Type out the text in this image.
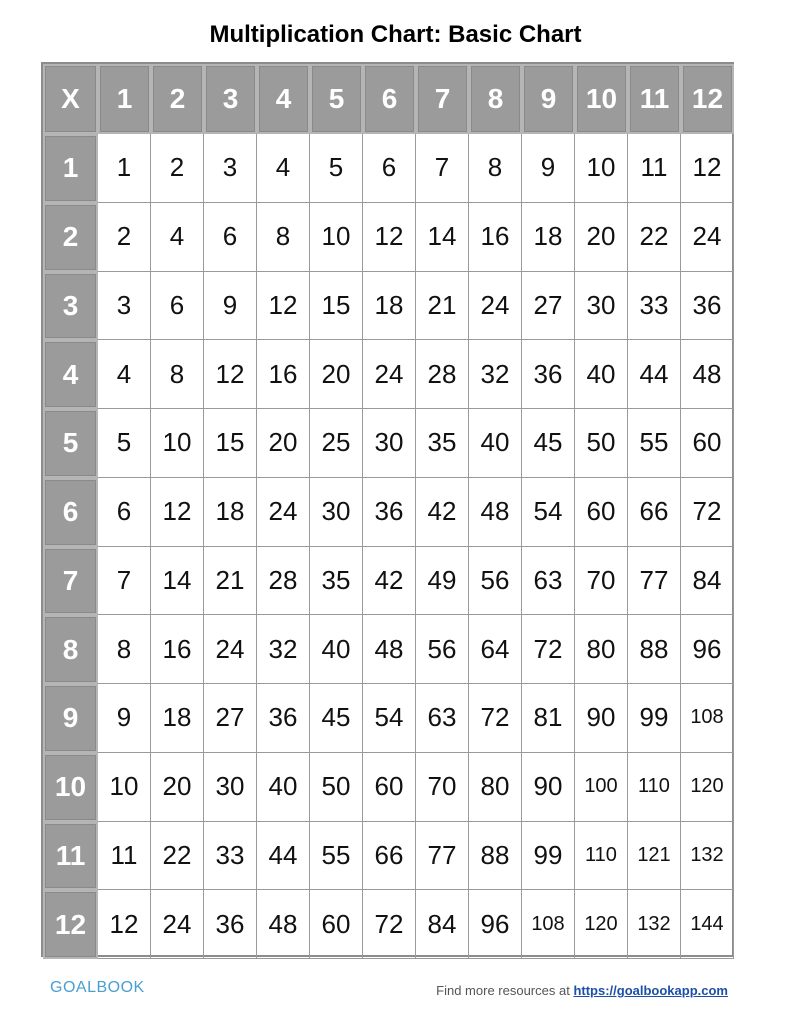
Multiplication Chart: Basic Chart
X	1	2	3	4	5	6	7	8	9	10 11 12
1	1	2	3	4	5	6	7	8	9	10 11 12
2	2	4	6	8	10 12 14 16 18 20 22 24
3	3	6	9	12 15 18 21 24 27 30 33 36
4	4	8	12 16 20 24 28 32 36 40 44 48
5	5	10 15 20 25 30 35 40 45 50 55 60
6	6	12 18 24 30 36 42 48 54 60 66 72
7	7	14 21 28 35 42 49 56 63 70 77 84
8	8	16 24 32 40 48 56 64 72 80 88 96
9	9	18 27 36 45 54 63 72 81 90 99	108
10 10 20 30 40 50 60 70 80 90	100	110	120
11 11 22 33 44 55 66 77 88 99	110	121 132
12 12 24 36 48 60 72 84 96	108 120 132 144
GOALBOOK	Find more resources at https://goalbookapp.com
